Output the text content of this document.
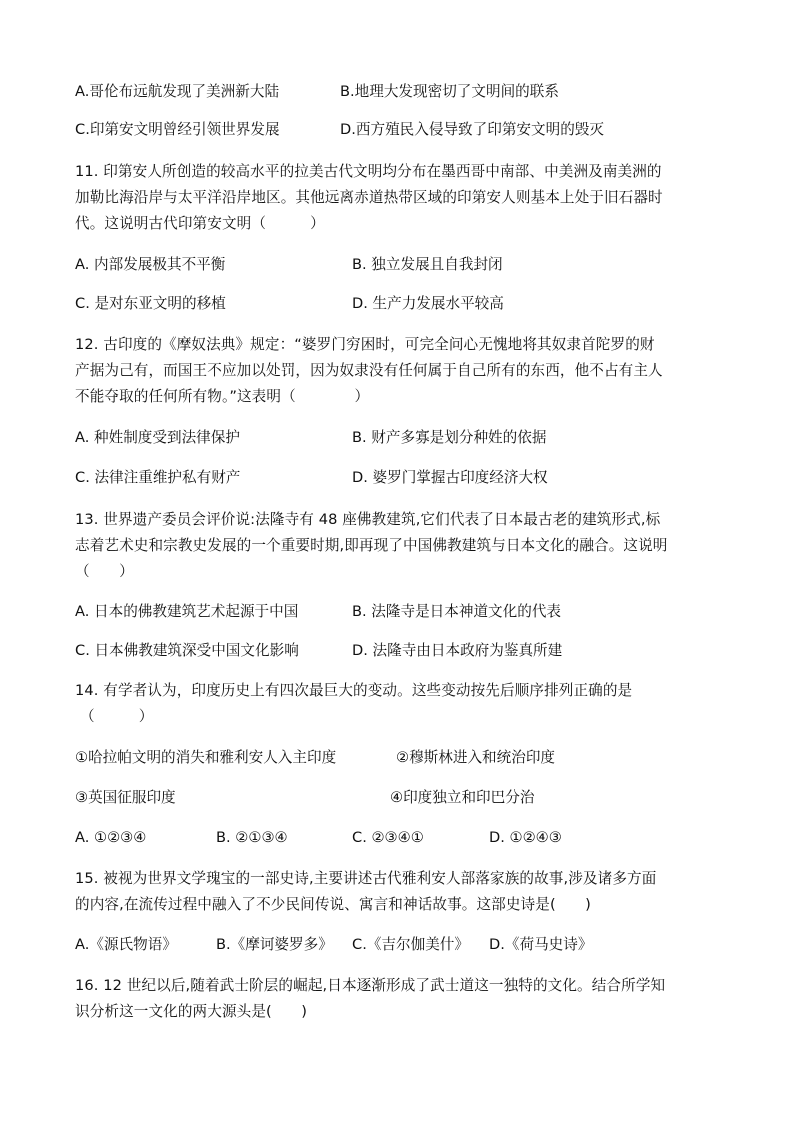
A.哥伦布远航发现了美洲新大陆	B.地理大发现密切了文明间的联系
C.印第安文明曾经引领世界发展	D.西方殖民入侵导致了印第安文明的毁灭
11. 印第安人所创造的较高水平的拉美古代文明均分布在墨西哥中南部、中美洲及南美洲的
加勒比海沿岸与太平洋沿岸地区。其他远离赤道热带区域的印第安人则基本上处于旧石器时
代。这说明古代印第安文明（　　　）
A. 内部发展极其不平衡	B. 独立发展且自我封闭
C. 是对东亚文明的移植	D. 生产力发展水平较高
12. 古印度的《摩奴法典》规定：“婆罗门穷困时，可完全问心无愧地将其奴隶首陀罗的财
产据为己有，而国王不应加以处罚，因为奴隶没有任何属于自己所有的东西，他不占有主人
不能夺取的任何所有物。”这表明（　　　　）
A. 种姓制度受到法律保护	B. 财产多寡是划分种姓的依据
C. 法律注重维护私有财产	D. 婆罗门掌握古印度经济大权
13. 世界遗产委员会评价说:法隆寺有 48 座佛教建筑,它们代表了日本最古老的建筑形式,标
志着艺术史和宗教史发展的一个重要时期,即再现了中国佛教建筑与日本文化的融合。这说明
（　　）
A. 日本的佛教建筑艺术起源于中国	B. 法隆寺是日本神道文化的代表
C. 日本佛教建筑深受中国文化影响	D. 法隆寺由日本政府为鉴真所建
14. 有学者认为，印度历史上有四次最巨大的变动。这些变动按先后顺序排列正确的是
（　　　）
①哈拉帕文明的消失和雅利安人入主印度	②穆斯林进入和统治印度
③英国征服印度	④印度独立和印巴分治
A. ①②③④	B. ②①③④	C. ②③④①	D. ①②④③
15. 被视为世界文学瑰宝的一部史诗,主要讲述古代雅利安人部落家族的故事,涉及诸多方面
的内容,在流传过程中融入了不少民间传说、寓言和神话故事。这部史诗是(　　)
A.《源氏物语》	B.《摩诃婆罗多》 C.《吉尔伽美什》 D.《荷马史诗》
16. 12 世纪以后,随着武士阶层的崛起,日本逐渐形成了武士道这一独特的文化。结合所学知
识分析这一文化的两大源头是(　　)
